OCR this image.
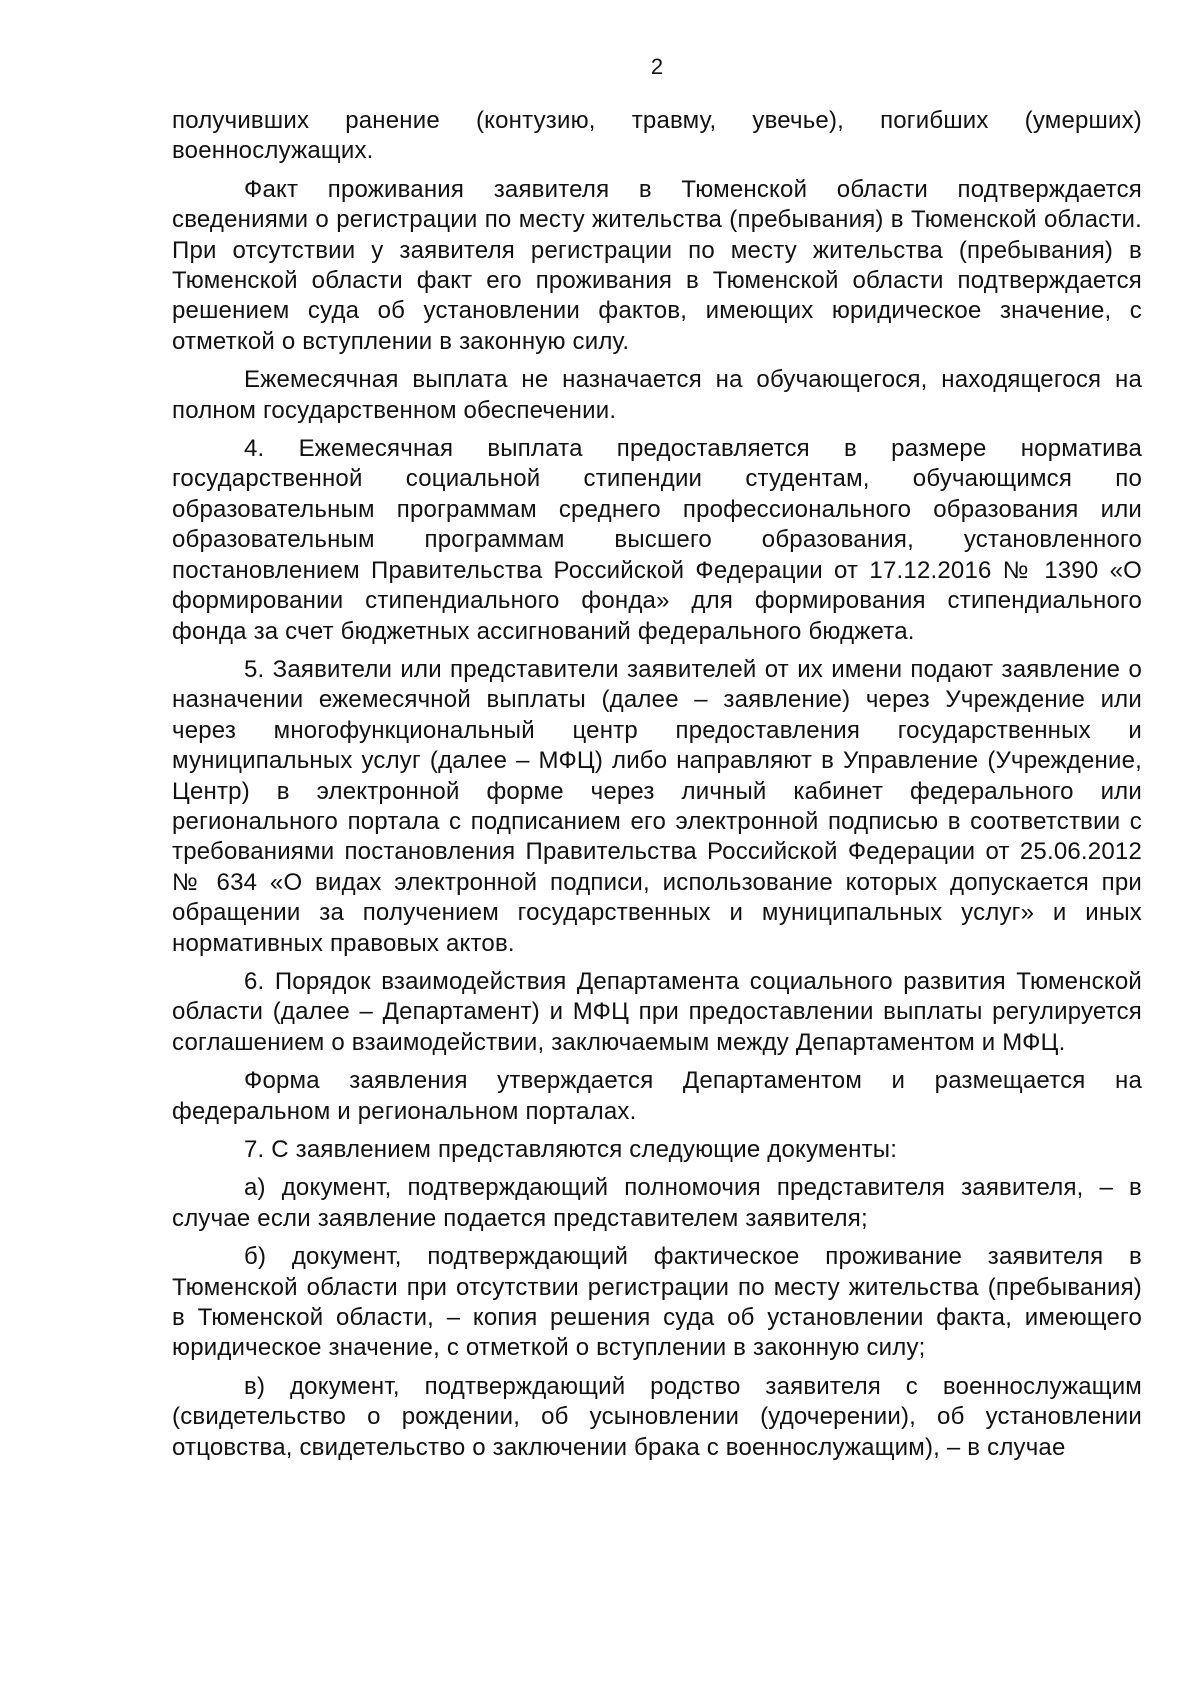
2

получивших ранение (контузию, травму, увечье), погибших (умерших) военнослужащих.

Факт проживания заявителя в Тюменской области подтверждается сведениями о регистрации по месту жительства (пребывания) в Тюменской области. При отсутствии у заявителя регистрации по месту жительства (пребывания) в Тюменской области факт его проживания в Тюменской области подтверждается решением суда об установлении фактов, имеющих юридическое значение, с отметкой о вступлении в законную силу.

Ежемесячная выплата не назначается на обучающегося, находящегося на полном государственном обеспечении.

4. Ежемесячная выплата предоставляется в размере норматива государственной социальной стипендии студентам, обучающимся по образовательным программам среднего профессионального образования или образовательным программам высшего образования, установленного постановлением Правительства Российской Федерации от 17.12.2016 № 1390 «О формировании стипендиального фонда» для формирования стипендиального фонда за счет бюджетных ассигнований федерального бюджета.

5. Заявители или представители заявителей от их имени подают заявление о назначении ежемесячной выплаты (далее – заявление) через Учреждение или через многофункциональный центр предоставления государственных и муниципальных услуг (далее – МФЦ) либо направляют в Управление (Учреждение, Центр) в электронной форме через личный кабинет федерального или регионального портала с подписанием его электронной подписью в соответствии с требованиями постановления Правительства Российской Федерации от 25.06.2012 № 634 «О видах электронной подписи, использование которых допускается при обращении за получением государственных и муниципальных услуг» и иных нормативных правовых актов.

6. Порядок взаимодействия Департамента социального развития Тюменской области (далее – Департамент) и МФЦ при предоставлении выплаты регулируется соглашением о взаимодействии, заключаемым между Департаментом и МФЦ.

Форма заявления утверждается Департаментом и размещается на федеральном и региональном порталах.

7. С заявлением представляются следующие документы:

а) документ, подтверждающий полномочия представителя заявителя, – в случае если заявление подается представителем заявителя;

б) документ, подтверждающий фактическое проживание заявителя в Тюменской области при отсутствии регистрации по месту жительства (пребывания) в Тюменской области, – копия решения суда об установлении факта, имеющего юридическое значение, с отметкой о вступлении в законную силу;

в) документ, подтверждающий родство заявителя с военнослужащим (свидетельство о рождении, об усыновлении (удочерении), об установлении отцовства, свидетельство о заключении брака с военнослужащим), – в случае
